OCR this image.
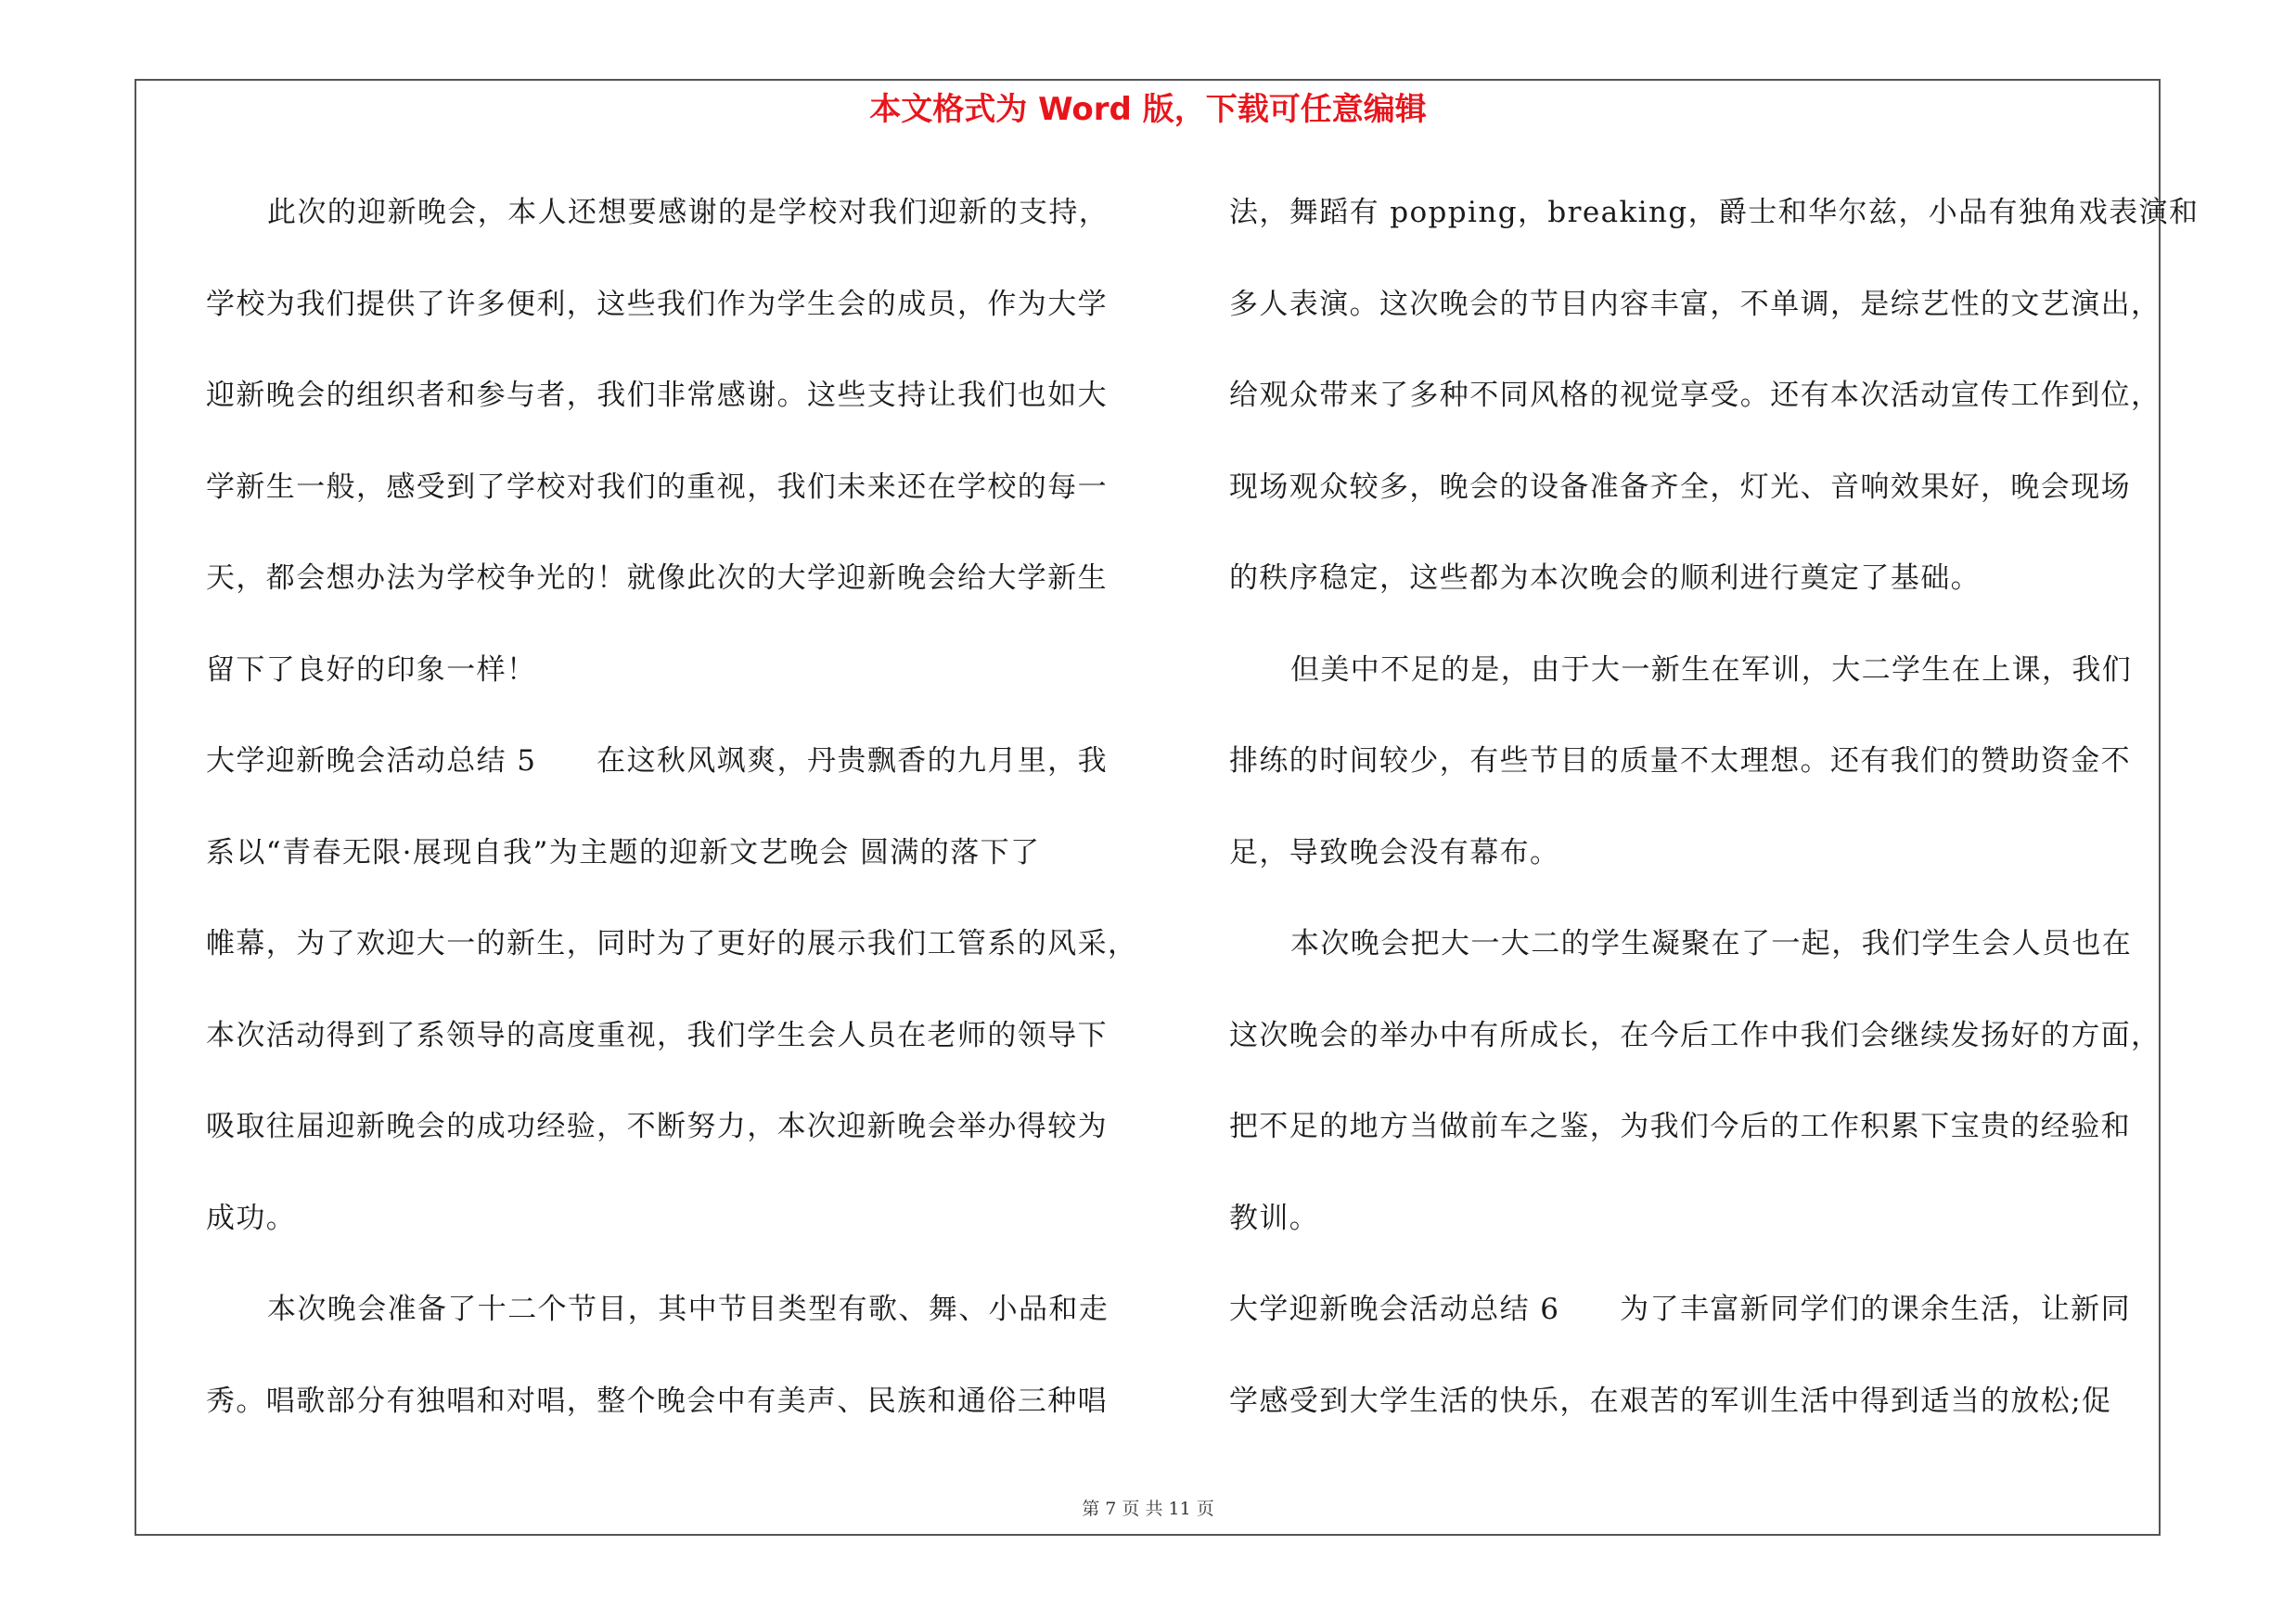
本文格式为 Word 版，下载可任意编辑
此次的迎新晚会，本人还想要感谢的是学校对我们迎新的支持，
学校为我们提供了许多便利，这些我们作为学生会的成员，作为大学
迎新晚会的组织者和参与者，我们非常感谢。这些支持让我们也如大
学新生一般，感受到了学校对我们的重视，我们未来还在学校的每一
天，都会想办法为学校争光的！就像此次的大学迎新晚会给大学新生
留下了良好的印象一样！
大学迎新晚会活动总结 5　　在这秋风飒爽，丹贵飘香的九月里，我
系以“青春无限·展现自我”为主题的迎新文艺晚会 圆满的落下了
帷幕，为了欢迎大一的新生，同时为了更好的展示我们工管系的风采，
本次活动得到了系领导的高度重视，我们学生会人员在老师的领导下
吸取往届迎新晚会的成功经验，不断努力，本次迎新晚会举办得较为
成功。
本次晚会准备了十二个节目，其中节目类型有歌、舞、小品和走
秀。唱歌部分有独唱和对唱，整个晚会中有美声、民族和通俗三种唱
法，舞蹈有 popping，breaking，爵士和华尔兹，小品有独角戏表演和
多人表演。这次晚会的节目内容丰富，不单调，是综艺性的文艺演出，
给观众带来了多种不同风格的视觉享受。还有本次活动宣传工作到位，
现场观众较多，晚会的设备准备齐全，灯光、音响效果好，晚会现场
的秩序稳定，这些都为本次晚会的顺利进行奠定了基础。
但美中不足的是，由于大一新生在军训，大二学生在上课，我们
排练的时间较少，有些节目的质量不太理想。还有我们的赞助资金不
足，导致晚会没有幕布。
本次晚会把大一大二的学生凝聚在了一起，我们学生会人员也在
这次晚会的举办中有所成长，在今后工作中我们会继续发扬好的方面，
把不足的地方当做前车之鉴，为我们今后的工作积累下宝贵的经验和
教训。
大学迎新晚会活动总结 6　　为了丰富新同学们的课余生活，让新同
学感受到大学生活的快乐，在艰苦的军训生活中得到适当的放松;促
第 7 页 共 11 页
